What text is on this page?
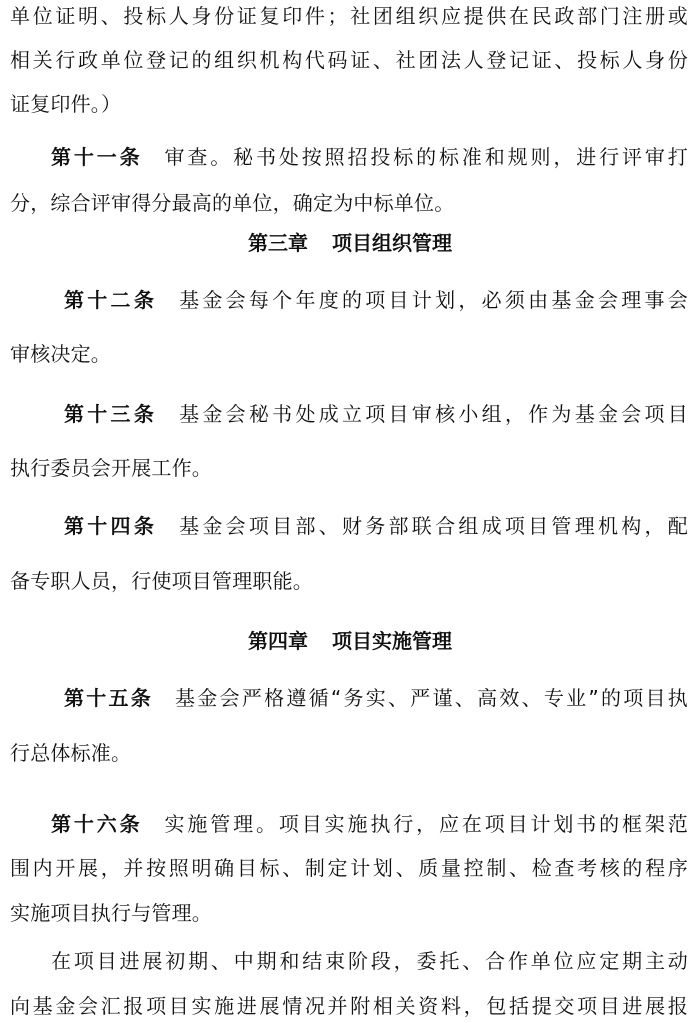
单位证明、投标人身份证复印件；社团组织应提供在民政部门注册或
相关行政单位登记的组织机构代码证、社团法人登记证、投标人身份
证复印件。）
第十一条 审查。秘书处按照招投标的标准和规则，进行评审打
分，综合评审得分最高的单位，确定为中标单位。
第三章 项目组织管理
第十二条 基金会每个年度的项目计划，必须由基金会理事会
审核决定。
第十三条 基金会秘书处成立项目审核小组，作为基金会项目
执行委员会开展工作。
第十四条 基金会项目部、财务部联合组成项目管理机构，配
备专职人员，行使项目管理职能。
第四章 项目实施管理
第十五条 基金会严格遵循“务实、严谨、高效、专业”的项目执
行总体标准。
第十六条 实施管理。项目实施执行，应在项目计划书的框架范
围内开展，并按照明确目标、制定计划、质量控制、检查考核的程序
实施项目执行与管理。
在项目进展初期、中期和结束阶段，委托、合作单位应定期主动
向基金会汇报项目实施进展情况并附相关资料，包括提交项目进展报
